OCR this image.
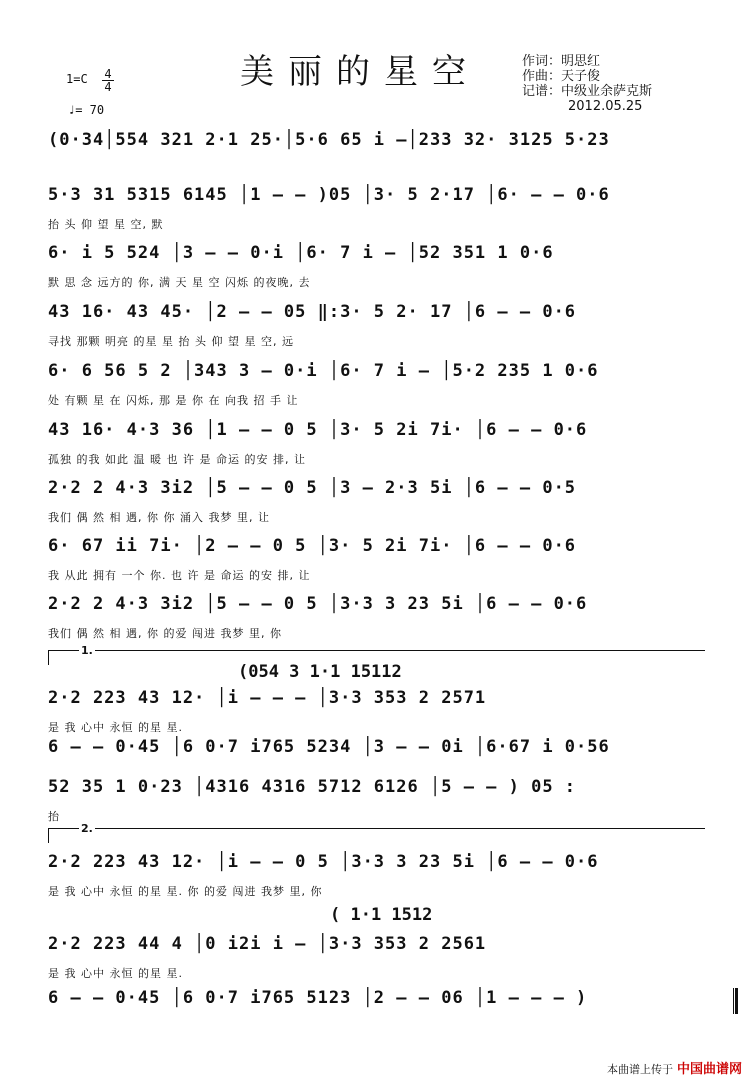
美丽的星空	作词：明思红
作曲：天子俊
记谱：中级业余萨克斯
2012.05.25
1=C 4
4
♩= 70
(0·34│554 321 2·1 25·│5·6 65 i –│233 32· 3125 5·23
5·3 31 5315 6145 │1 – – )05 │3· 5 2·17 │6· – – 0·6
抬 头 仰 望 星 空, 默
6· i 5 524 │3 – – 0·i │6· 7 i – │52 351 1 0·6
默 思 念 远方的 你, 满 天 星 空 闪烁 的夜晚, 去
43 16· 43 45· │2 – – 05 ‖:3· 5 2· 17 │6 – – 0·6
寻找 那颗 明亮 的星 星 抬 头 仰 望 星 空, 远
6· 6 56 5 2 │343 3 – 0·i │6· 7 i – │5·2 235 1 0·6
处 有颗 星 在 闪烁, 那 是 你 在 向我 招 手 让
43 16· 4·3 36 │1 – – 0 5 │3· 5 2i 7i· │6 – – 0·6
孤独 的我 如此 温 暖 也 许 是 命运 的安 排, 让
2·2 2 4·3 3i2 │5 – – 0 5 │3 – 2·3 5i │6 – – 0·5
我们 偶 然 相 遇, 你 你 涌入 我梦 里, 让
6· 67 ii 7i· │2 – – 0 5 │3· 5 2i 7i· │6 – – 0·6
我 从此 拥有 一个 你. 也 许 是 命运 的安 排, 让
2·2 2 4·3 3i2 │5 – – 0 5 │3·3 3 23 5i │6 – – 0·6
我们 偶 然 相 遇, 你 的爱 闯进 我梦 里, 你
1.
(054 3 1·1 15112
2·2 223 43 12· │i – – – │3·3 353 2 2571
是 我 心中 永恒 的星 星.
6 – – 0·45 │6 0·7 i765 5234 │3 – – 0i │6·67 i 0·56
52 35 1 0·23 │4316 4316 5712 6126 │5 – – ) 05 :
抬
2.
2·2 223 43 12· │i – – 0 5 │3·3 3 23 5i │6 – – 0·6
是 我 心中 永恒 的星 星. 你 的爱 闯进 我梦 里, 你
( 1·1 1512
2·2 223 44 4 │0 i2i i – │3·3 353 2 2561
是 我 心中 永恒 的星 星.
6 – – 0·45 │6 0·7 i765 5123 │2 – – 06 │1 – – – )
本曲谱上传于 中国曲谱网
